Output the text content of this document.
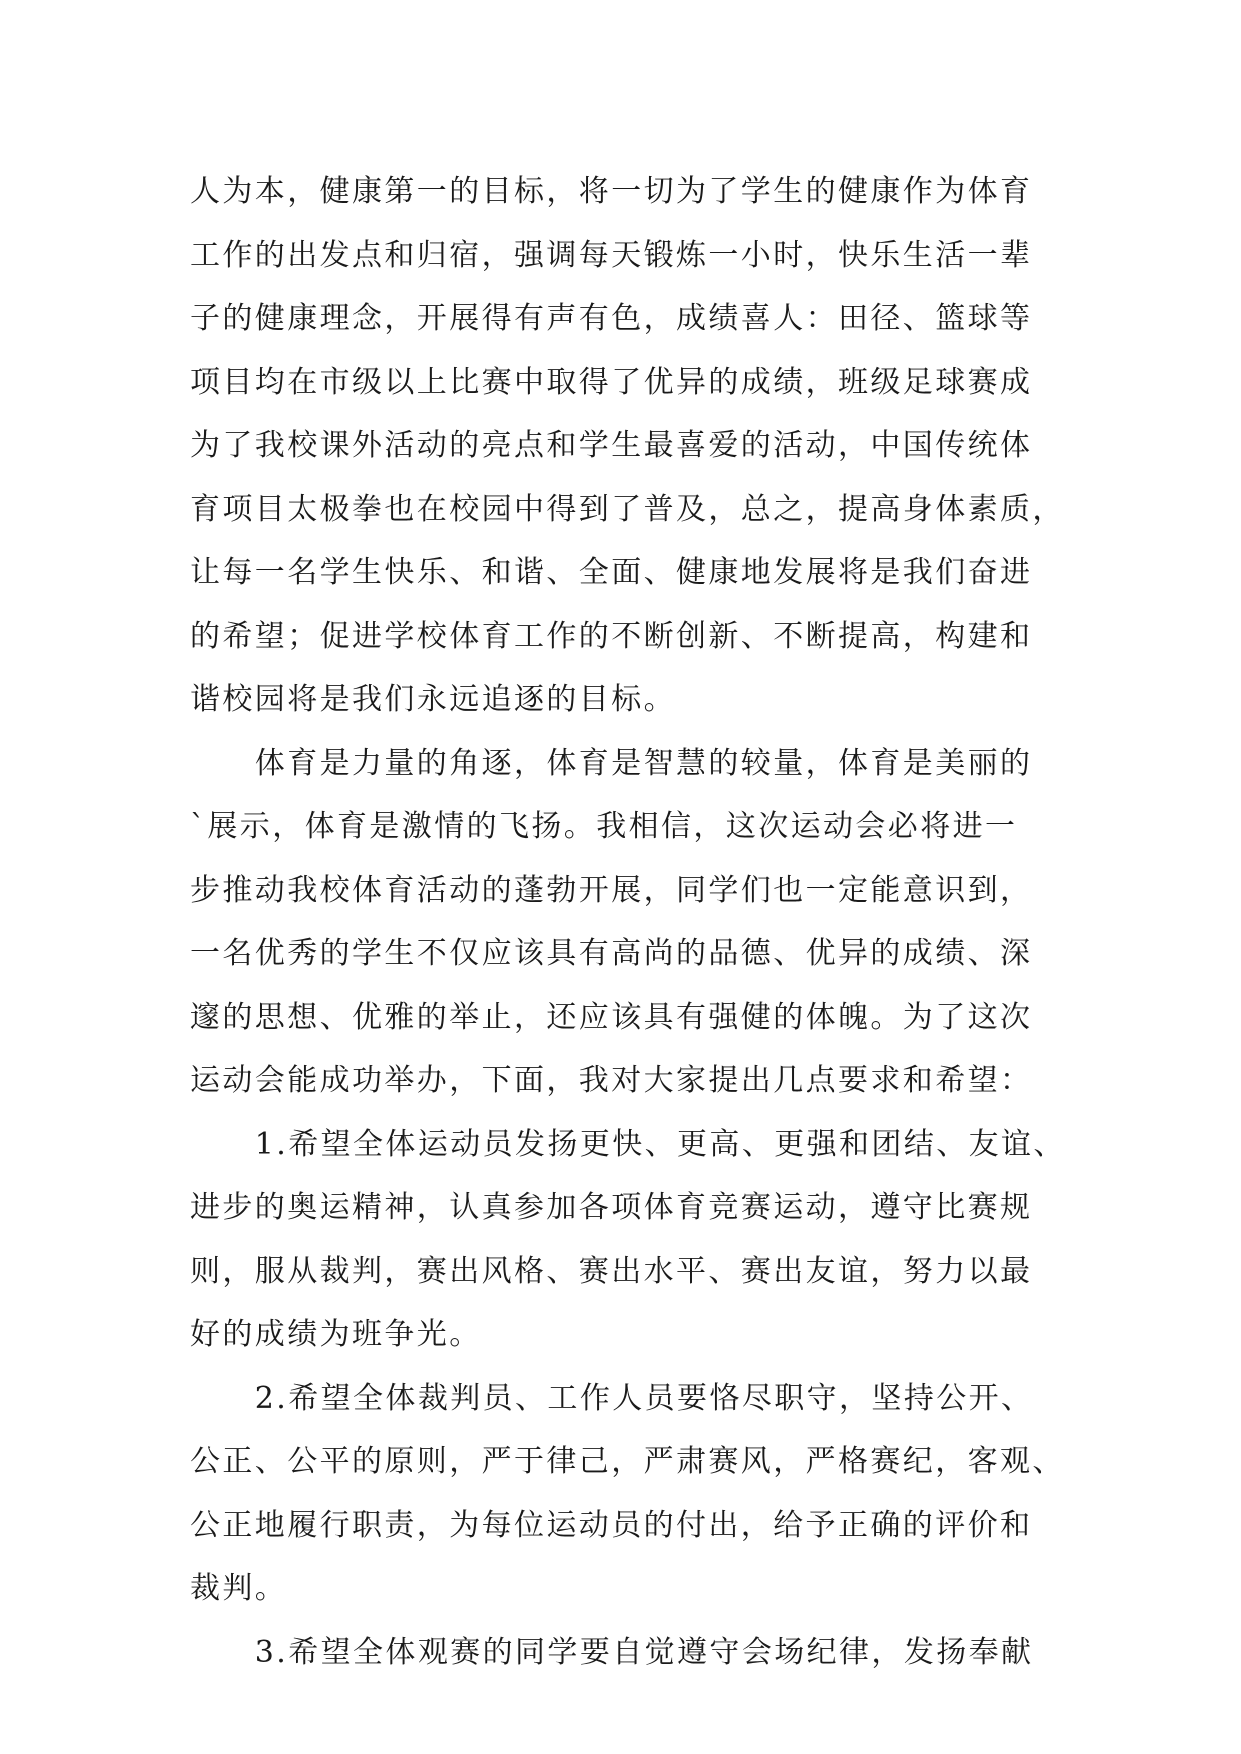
人为本，健康第一的目标，将一切为了学生的健康作为体育
工作的出发点和归宿，强调每天锻炼一小时，快乐生活一辈
子的健康理念，开展得有声有色，成绩喜人：田径、篮球等
项目均在市级以上比赛中取得了优异的成绩，班级足球赛成
为了我校课外活动的亮点和学生最喜爱的活动，中国传统体
育项目太极拳也在校园中得到了普及，总之，提高身体素质，
让每一名学生快乐、和谐、全面、健康地发展将是我们奋进
的希望；促进学校体育工作的不断创新、不断提高，构建和
谐校园将是我们永远追逐的目标。
　　体育是力量的角逐，体育是智慧的较量，体育是美丽的
`展示，体育是激情的飞扬。我相信，这次运动会必将进一
步推动我校体育活动的蓬勃开展，同学们也一定能意识到，
一名优秀的学生不仅应该具有高尚的品德、优异的成绩、深
邃的思想、优雅的举止，还应该具有强健的体魄。为了这次
运动会能成功举办，下面，我对大家提出几点要求和希望：
　　1.希望全体运动员发扬更快、更高、更强和团结、友谊、
进步的奥运精神，认真参加各项体育竞赛运动，遵守比赛规
则，服从裁判，赛出风格、赛出水平、赛出友谊，努力以最
好的成绩为班争光。
　　2.希望全体裁判员、工作人员要恪尽职守，坚持公开、
公正、公平的原则，严于律己，严肃赛风，严格赛纪，客观、
公正地履行职责，为每位运动员的付出，给予正确的评价和
裁判。
　　3.希望全体观赛的同学要自觉遵守会场纪律，发扬奉献
